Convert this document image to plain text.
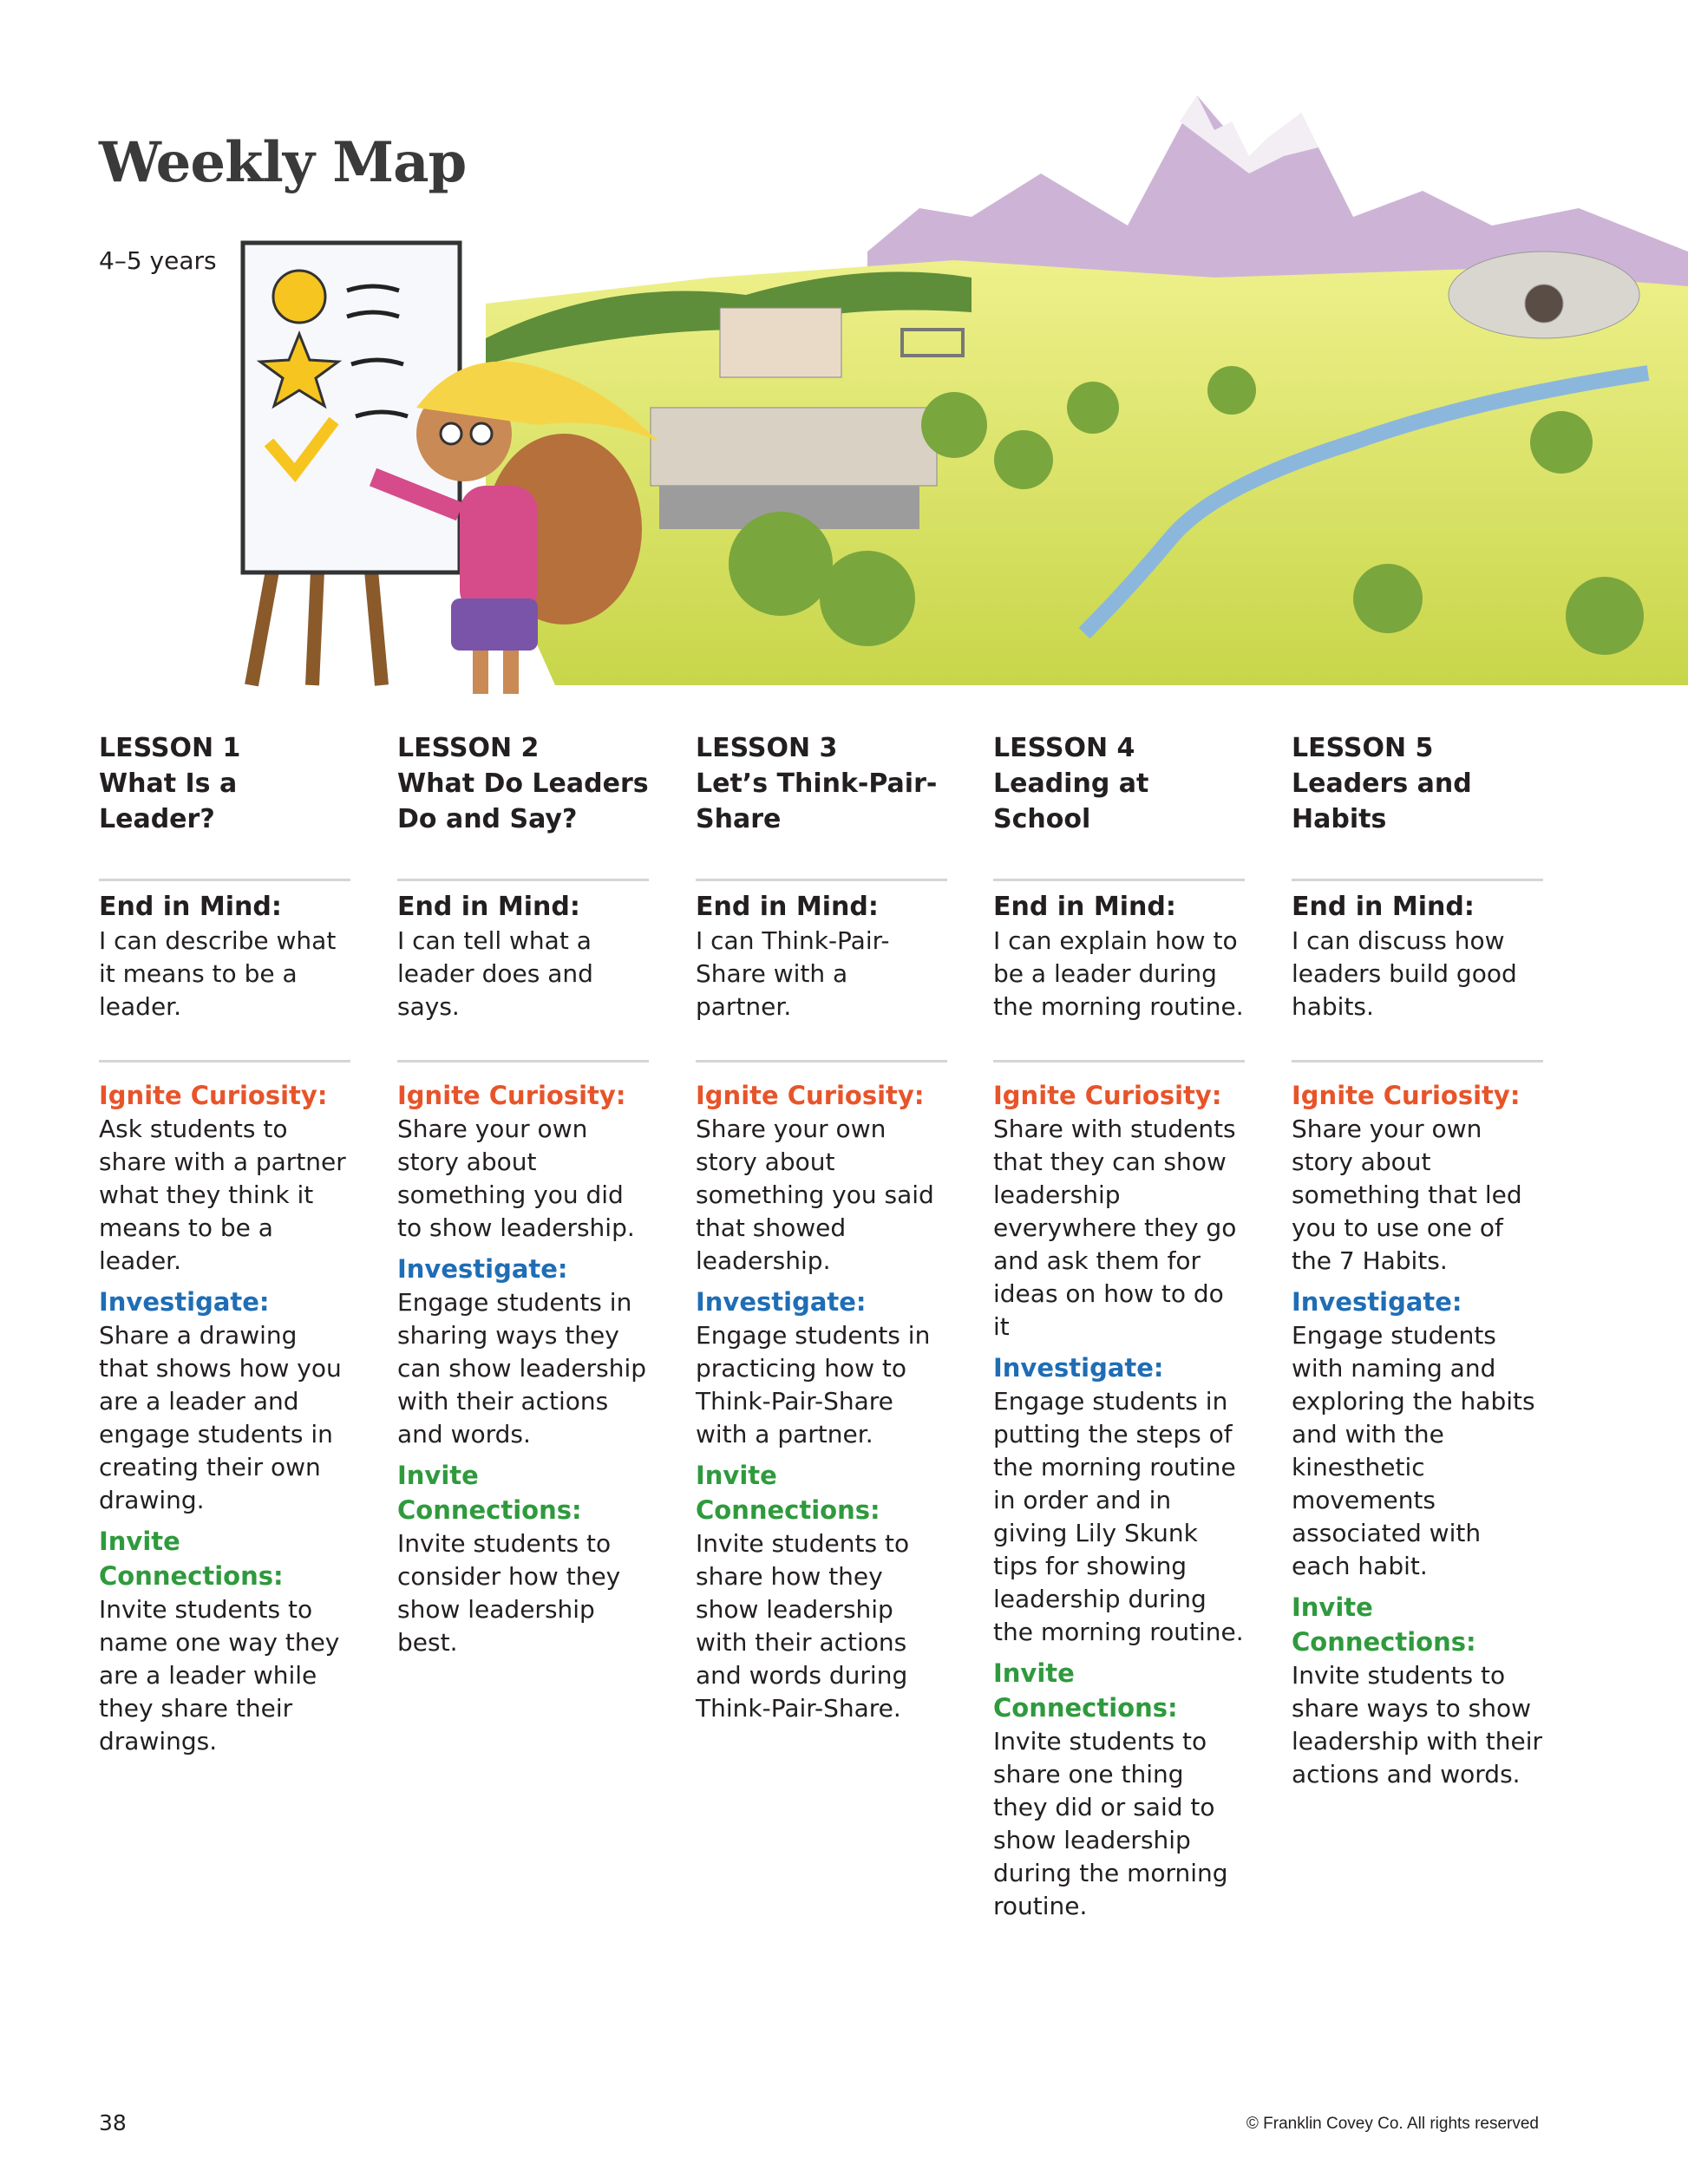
Weekly Map
4–5 years
LESSON 1
What Is a Leader?
End in Mind:
I can describe what it means to be a leader.
Ignite Curiosity:
Ask students to share with a partner what they think it means to be a leader.
Investigate:
Share a drawing that shows how you are a leader and engage students in creating their own drawing.
Invite Connections:
Invite students to name one way they are a leader while they share their drawings.
LESSON 2
What Do Leaders Do and Say?
End in Mind:
I can tell what a leader does and says.
Ignite Curiosity:
Share your own story about something you did to show leadership.
Investigate:
Engage students in sharing ways they can show leadership with their actions and words.
Invite Connections:
Invite students to consider how they show leadership best.
LESSON 3
Let’s Think-Pair-Share
End in Mind:
I can Think-Pair-Share with a partner.
Ignite Curiosity:
Share your own story about something you said that showed leadership.
Investigate:
Engage students in practicing how to Think-Pair-Share with a partner.
Invite Connections:
Invite students to share how they show leadership with their actions and words during Think-Pair-Share.
LESSON 4
Leading at School
End in Mind:
I can explain how to be a leader during the morning routine.
Ignite Curiosity:
Share with students that they can show leadership everywhere they go and ask them for ideas on how to do it
Investigate:
Engage students in putting the steps of the morning routine in order and in giving Lily Skunk tips for showing leadership during the morning routine.
Invite Connections:
Invite students to share one thing they did or said to show leadership during the morning routine.
LESSON 5
Leaders and Habits
End in Mind:
I can discuss how leaders build good habits.
Ignite Curiosity:
Share your own story about something that led you to use one of the 7 Habits.
Investigate:
Engage students with naming and exploring the habits and with the kinesthetic movements associated with each habit.
Invite Connections:
Invite students to share ways to show leadership with their actions and words.
38	© Franklin Covey Co. All rights reserved
